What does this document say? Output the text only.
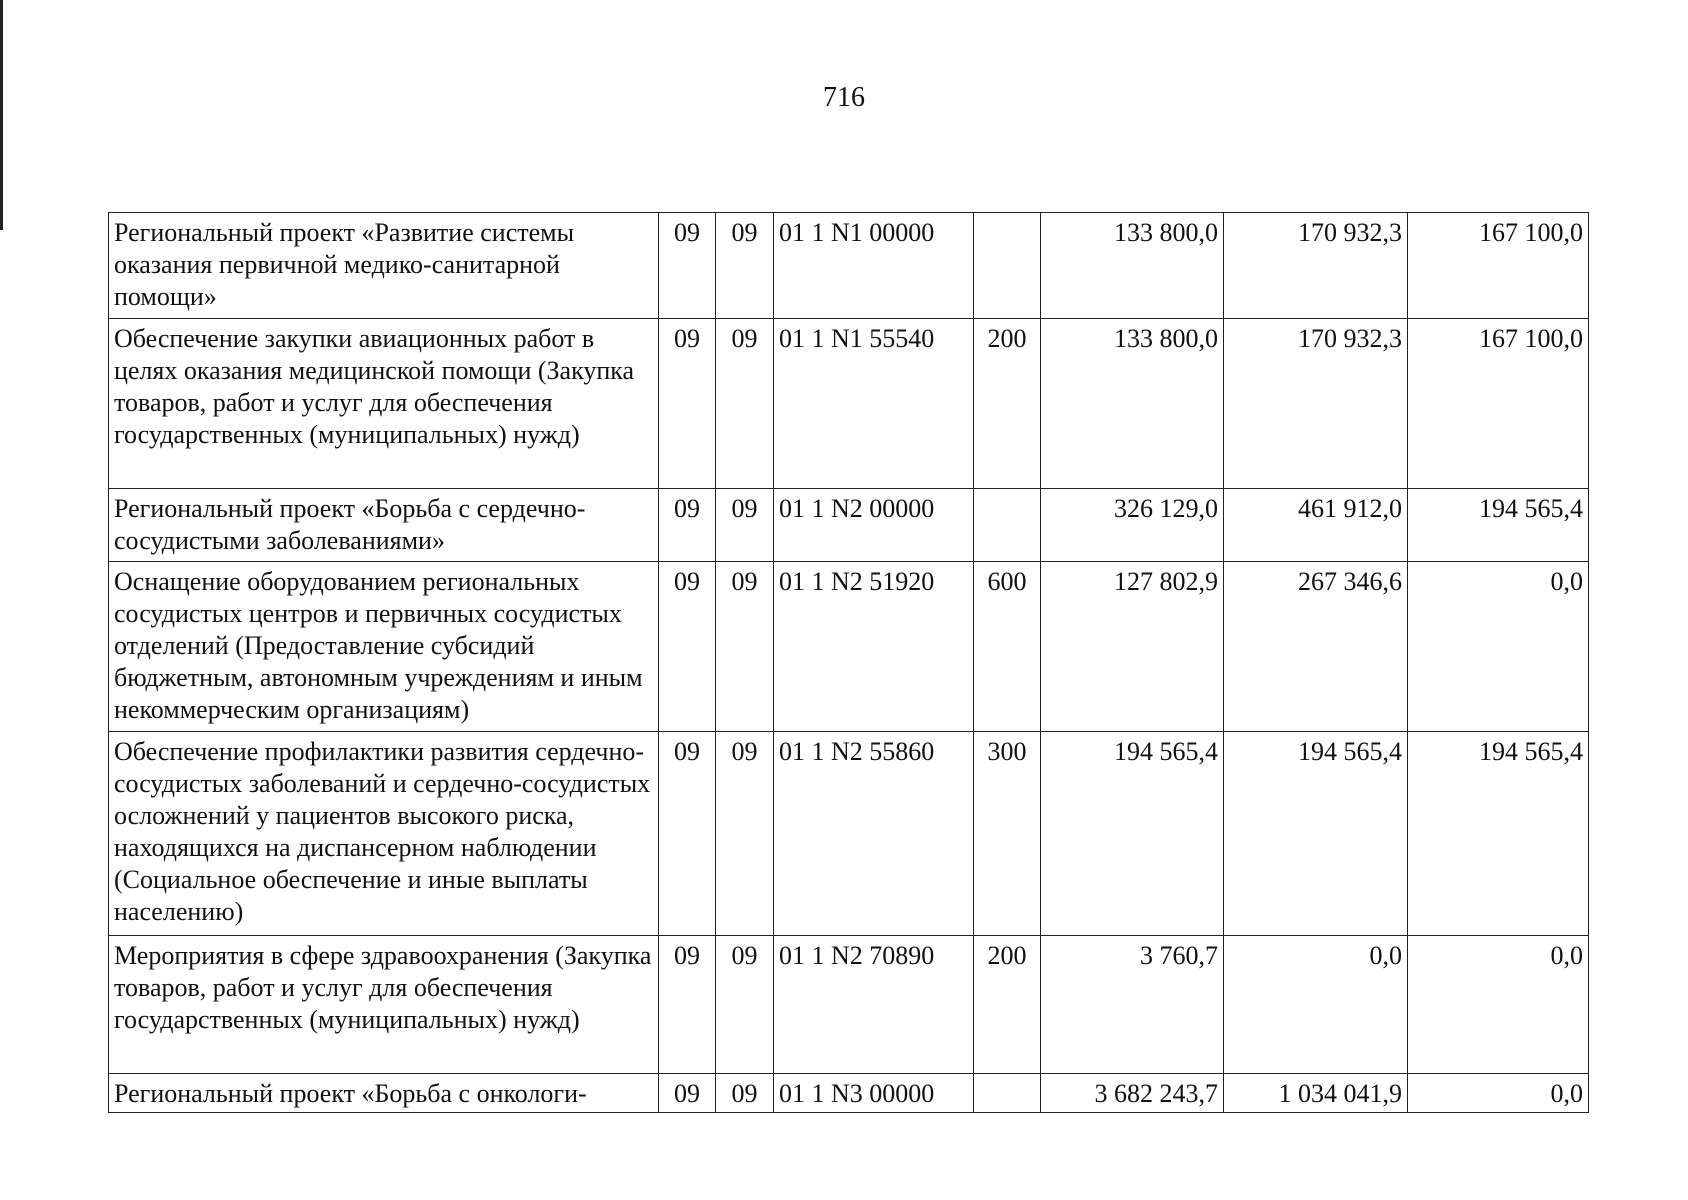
716
Региональный проект «Развитие системы оказания первичной медико-санитарной помощи»	09	09	01 1 N1 00000		133 800,0	170 932,3	167 100,0
Обеспечение закупки авиационных работ в целях оказания медицинской помощи (Закупка товаров, работ и услуг для обеспечения государственных (муниципальных) нужд)	09	09	01 1 N1 55540	200	133 800,0	170 932,3	167 100,0
Региональный проект «Борьба с сердечно-сосудистыми заболеваниями»	09	09	01 1 N2 00000		326 129,0	461 912,0	194 565,4
Оснащение оборудованием региональных сосудистых центров и первичных сосудистых отделений (Предоставление субсидий бюджетным, автономным учреждениям и иным некоммерческим организациям)	09	09	01 1 N2 51920	600	127 802,9	267 346,6	0,0
Обеспечение профилактики развития сердечно-сосудистых заболеваний и сердечно-сосудистых осложнений у пациентов высокого риска, находящихся на диспансерном наблюдении (Социальное обеспечение и иные выплаты населению)	09	09	01 1 N2 55860	300	194 565,4	194 565,4	194 565,4
Мероприятия в сфере здравоохранения (Закупка товаров, работ и услуг для обеспечения государственных (муниципальных) нужд)	09	09	01 1 N2 70890	200	3 760,7	0,0	0,0
Региональный проект «Борьба с онкологи-	09	09	01 1 N3 00000		3 682 243,7	1 034 041,9	0,0
